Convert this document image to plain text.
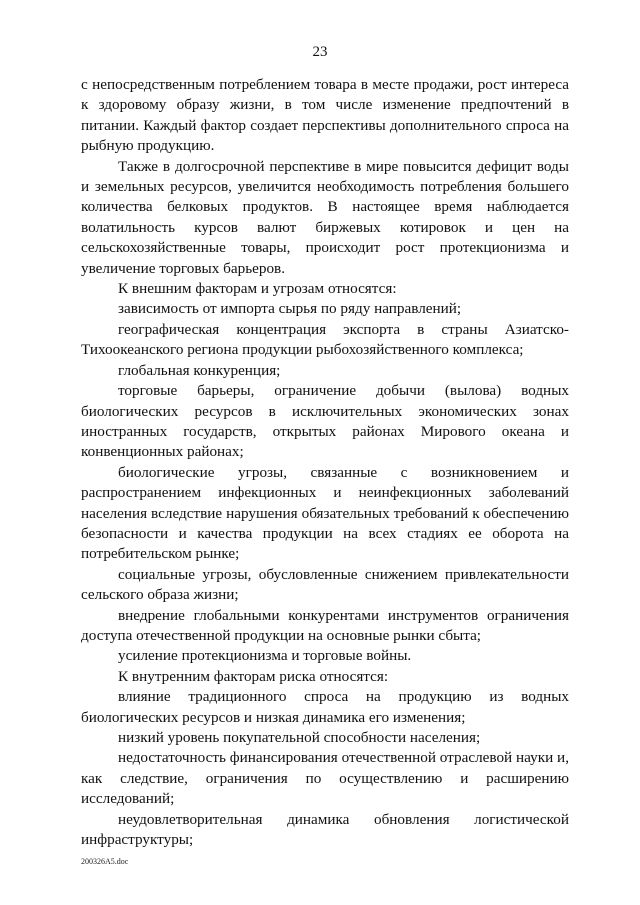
23

с непосредственным потреблением товара в месте продажи, рост интереса к здоровому образу жизни, в том числе изменение предпочтений в питании. Каждый фактор создает перспективы дополнительного спроса на рыбную продукцию.

Также в долгосрочной перспективе в мире повысится дефицит воды и земельных ресурсов, увеличится необходимость потребления большего количества белковых продуктов. В настоящее время наблюдается волатильность курсов валют биржевых котировок и цен на сельскохозяйственные товары, происходит рост протекционизма и увеличение торговых барьеров.

К внешним факторам и угрозам относятся:

зависимость от импорта сырья по ряду направлений;

географическая концентрация экспорта в страны Азиатско-Тихоокеанского региона продукции рыбохозяйственного комплекса;

глобальная конкуренция;

торговые барьеры, ограничение добычи (вылова) водных биологических ресурсов в исключительных экономических зонах иностранных государств, открытых районах Мирового океана и конвенционных районах;

биологические угрозы, связанные с возникновением и распространением инфекционных и неинфекционных заболеваний населения вследствие нарушения обязательных требований к обеспечению безопасности и качества продукции на всех стадиях ее оборота на потребительском рынке;

социальные угрозы, обусловленные снижением привлекательности сельского образа жизни;

внедрение глобальными конкурентами инструментов ограничения доступа отечественной продукции на основные рынки сбыта;

усиление протекционизма и торговые войны.

К внутренним факторам риска относятся:

влияние традиционного спроса на продукцию из водных биологических ресурсов и низкая динамика его изменения;

низкий уровень покупательной способности населения;

недостаточность финансирования отечественной отраслевой науки и, как следствие, ограничения по осуществлению и расширению исследований;

неудовлетворительная динамика обновления логистической инфраструктуры;

200326A5.doc
